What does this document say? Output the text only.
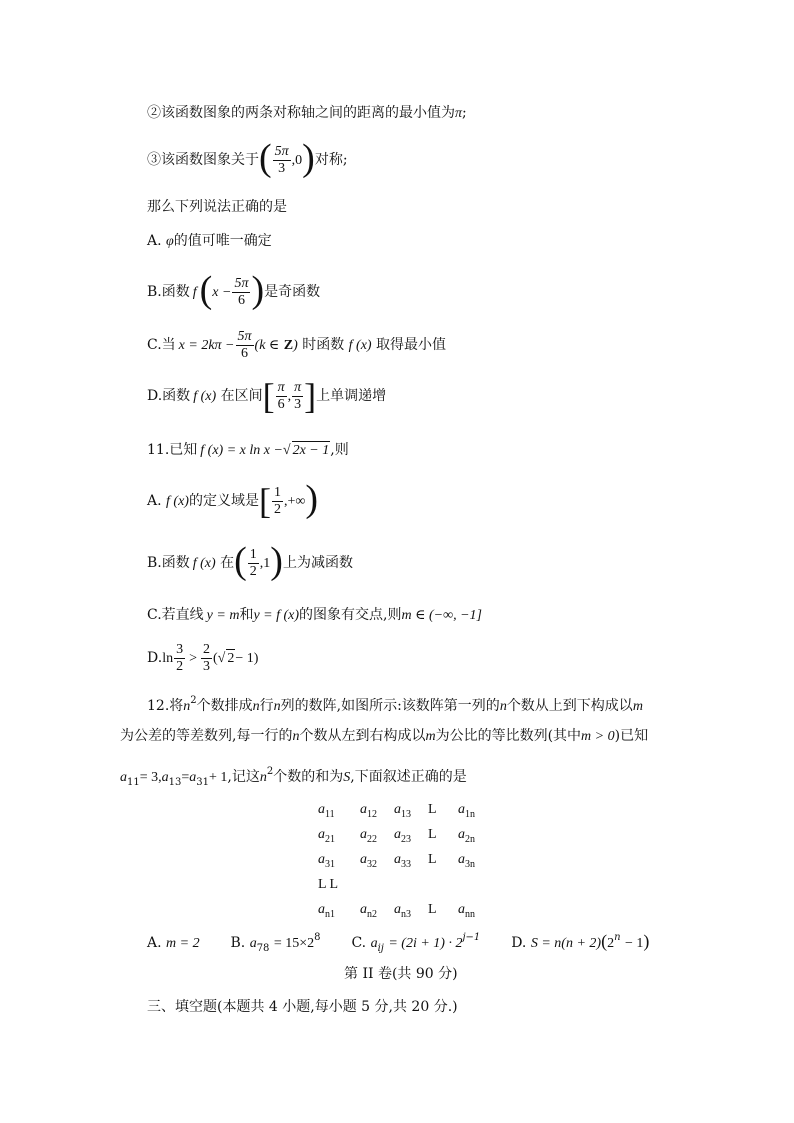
②该函数图象的两条对称轴之间的距离的最小值为π;
③该函数图象关于( $\frac{5\pi}{3} ,0$)对称;
那么下列说法正确的是
A. φ的值可唯一确定
B.函数 $f(x - \frac{5\pi}{6}$ )是奇函数
C.当 $x = 2k\pi - \frac{5\pi}{6} (k$ ∈ Z) 时函数 f (x) 取得最小值
D.函数 f (x) 在区间[ $\frac{\pi}{6}$ , $\frac{\pi}{3}$ ]上单调递增
11.已知 f (x) = x ln x −√ 2x − 1,则
A. f (x)的定义域是[ $\frac{1}{2}$ ,+∞)
B.函数 f (x) 在( $\frac{1}{2} ,1$)上为减函数
C.若直线 y = m和y = f (x)的图象有交点,则m ∈ (−∞, −1]
$D.\ln \frac{3}{2} > \frac{2}{3}$ (√ 2− 1)
12.将$n^2$个数排成n行n列的数阵,如图所示:该数阵第一列的n个数从上到下构成以m
为公差的等差数列,每一行的n个数从左到右构成以m为公比的等比数列(其中m > 0)已知
$a_{11}= 3,a_{13}=a_{31}+ 1$,记这$n^2$个数的和为S,下面叙述正确的是
$a_{11}$ $a_{12}$ $a_{13}$ L $a_{1n}$
$a_{21}$ $a_{22}$ $a_{23}$ L $a_{2n}$
$a_{31}$ $a_{32}$ $a_{33}$ L $a_{3n}$
L L
$a_{n1}$ $a_{n2}$ $a_{n3}$ L $a_{nn}$
A. m = 2 B. $a_{78} = 15\times 2^8$ C. $a_{ij} = (2i + 1) \cdot 2^{j-1}$ D. $S = n(n + 2)(2^n - 1)$
第 II 卷(共 90 分)
三、填空题(本题共 4 小题,每小题 5 分,共 20 分.)
